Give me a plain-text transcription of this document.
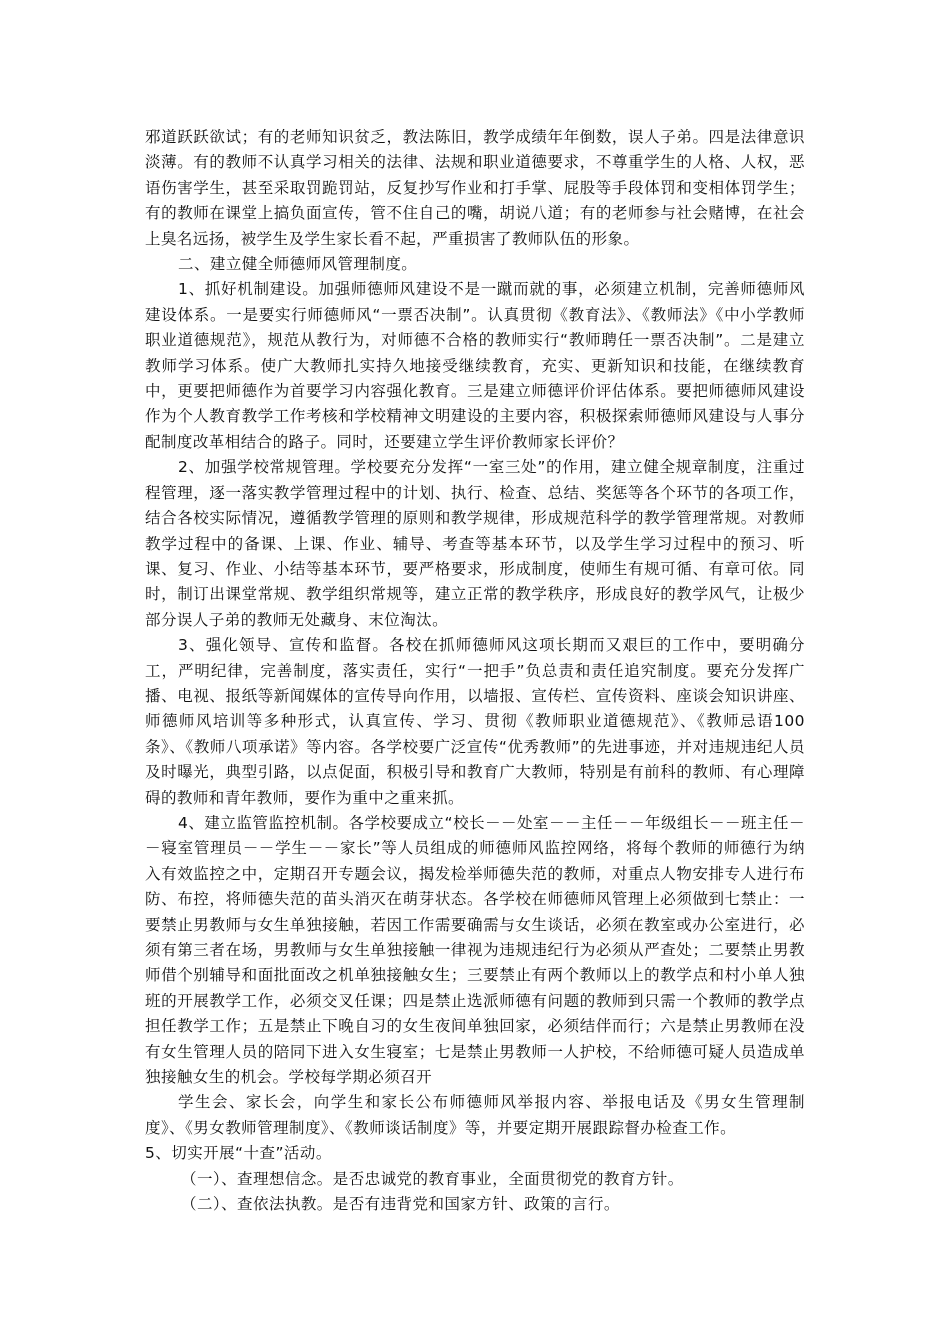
邪道跃跃欲试；有的老师知识贫乏，教法陈旧，教学成绩年年倒数，误人子弟。四是法律意识淡薄。有的教师不认真学习相关的法律、法规和职业道德要求，不尊重学生的人格、人权，恶语伤害学生，甚至采取罚跪罚站，反复抄写作业和打手掌、屁股等手段体罚和变相体罚学生；有的教师在课堂上搞负面宣传，管不住自己的嘴，胡说八道；有的老师参与社会赌博，在社会上臭名远扬，被学生及学生家长看不起，严重损害了教师队伍的形象。

二、建立健全师德师风管理制度。

1、抓好机制建设。加强师德师风建设不是一蹴而就的事，必须建立机制，完善师德师风建设体系。一是要实行师德师风“一票否决制”。认真贯彻《教育法》、《教师法》《中小学教师职业道德规范》，规范从教行为，对师德不合格的教师实行“教师聘任一票否决制”。二是建立教师学习体系。使广大教师扎实持久地接受继续教育，充实、更新知识和技能，在继续教育中，更要把师德作为首要学习内容强化教育。三是建立师德评价评估体系。要把师德师风建设作为个人教育教学工作考核和学校精神文明建设的主要内容，积极探索师德师风建设与人事分配制度改革相结合的路子。同时，还要建立学生评价教师家长评价？

2、加强学校常规管理。学校要充分发挥“一室三处”的作用，建立健全规章制度，注重过程管理，逐一落实教学管理过程中的计划、执行、检查、总结、奖惩等各个环节的各项工作，结合各校实际情况，遵循教学管理的原则和教学规律，形成规范科学的教学管理常规。对教师教学过程中的备课、上课、作业、辅导、考查等基本环节，以及学生学习过程中的预习、听课、复习、作业、小结等基本环节，要严格要求，形成制度，使师生有规可循、有章可依。同时，制订出课堂常规、教学组织常规等，建立正常的教学秩序，形成良好的教学风气，让极少部分误人子弟的教师无处藏身、末位淘汰。

3、强化领导、宣传和监督。各校在抓师德师风这项长期而又艰巨的工作中，要明确分工，严明纪律，完善制度，落实责任，实行“一把手”负总责和责任追究制度。要充分发挥广播、电视、报纸等新闻媒体的宣传导向作用，以墙报、宣传栏、宣传资料、座谈会知识讲座、师德师风培训等多种形式，认真宣传、学习、贯彻《教师职业道德规范》、《教师忌语100条》、《教师八项承诺》等内容。各学校要广泛宣传“优秀教师”的先进事迹，并对违规违纪人员及时曝光，典型引路，以点促面，积极引导和教育广大教师，特别是有前科的教师、有心理障碍的教师和青年教师，要作为重中之重来抓。

4、建立监管监控机制。各学校要成立“校长－－处室－－主任－－年级组长－－班主任－－寝室管理员－－学生－－家长”等人员组成的师德师风监控网络，将每个教师的师德行为纳入有效监控之中，定期召开专题会议，揭发检举师德失范的教师，对重点人物安排专人进行布防、布控，将师德失范的苗头消灭在萌芽状态。各学校在师德师风管理上必须做到七禁止：一要禁止男教师与女生单独接触，若因工作需要确需与女生谈话，必须在教室或办公室进行，必须有第三者在场，男教师与女生单独接触一律视为违规违纪行为必须从严查处；二要禁止男教师借个别辅导和面批面改之机单独接触女生；三要禁止有两个教师以上的教学点和村小单人独班的开展教学工作，必须交叉任课；四是禁止选派师德有问题的教师到只需一个教师的教学点担任教学工作；五是禁止下晚自习的女生夜间单独回家，必须结伴而行；六是禁止男教师在没有女生管理人员的陪同下进入女生寝室；七是禁止男教师一人护校，不给师德可疑人员造成单独接触女生的机会。学校每学期必须召开

学生会、家长会，向学生和家长公布师德师风举报内容、举报电话及《男女生管理制度》、《男女教师管理制度》、《教师谈话制度》等，并要定期开展跟踪督办检查工作。

5、切实开展“十查”活动。

（一）、查理想信念。是否忠诚党的教育事业，全面贯彻党的教育方针。

（二）、查依法执教。是否有违背党和国家方针、政策的言行。
